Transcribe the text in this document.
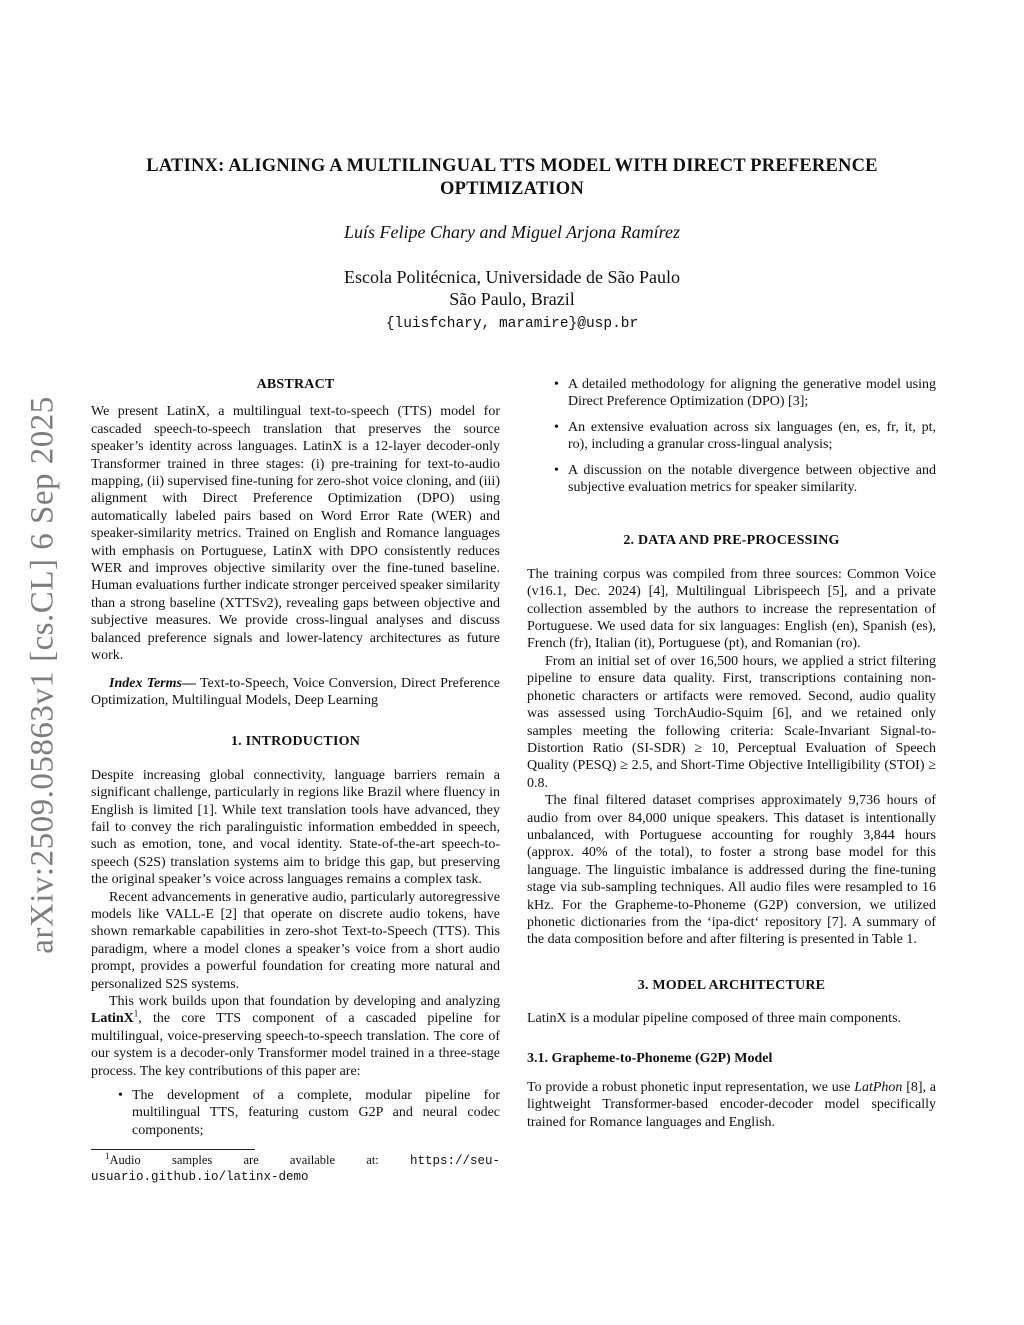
arXiv:2509.05863v1 [cs.CL] 6 Sep 2025
LATINX: ALIGNING A MULTILINGUAL TTS MODEL WITH DIRECT PREFERENCE
OPTIMIZATION
Luís Felipe Chary and Miguel Arjona Ramírez
Escola Politécnica, Universidade de São Paulo
São Paulo, Brazil
{luisfchary, maramire}@usp.br
ABSTRACT

We present LatinX, a multilingual text-to-speech (TTS) model for cascaded speech-to-speech translation that preserves the source speaker’s identity across languages. LatinX is a 12-layer decoder-only Transformer trained in three stages: (i) pre-training for text-to-audio mapping, (ii) supervised fine-tuning for zero-shot voice cloning, and (iii) alignment with Direct Preference Optimization (DPO) using automatically labeled pairs based on Word Error Rate (WER) and speaker-similarity metrics. Trained on English and Romance languages with emphasis on Portuguese, LatinX with DPO consistently reduces WER and improves objective similarity over the fine-tuned baseline. Human evaluations further indicate stronger perceived speaker similarity than a strong baseline (XTTSv2), revealing gaps between objective and subjective measures. We provide cross-lingual analyses and discuss balanced preference signals and lower-latency architectures as future work.

Index Terms— Text-to-Speech, Voice Conversion, Direct Preference Optimization, Multilingual Models, Deep Learning

1. INTRODUCTION

Despite increasing global connectivity, language barriers remain a significant challenge, particularly in regions like Brazil where fluency in English is limited [1]. While text translation tools have advanced, they fail to convey the rich paralinguistic information embedded in speech, such as emotion, tone, and vocal identity. State-of-the-art speech-to-speech (S2S) translation systems aim to bridge this gap, but preserving the original speaker’s voice across languages remains a complex task.

Recent advancements in generative audio, particularly autoregressive models like VALL-E [2] that operate on discrete audio tokens, have shown remarkable capabilities in zero-shot Text-to-Speech (TTS). This paradigm, where a model clones a speaker’s voice from a short audio prompt, provides a powerful foundation for creating more natural and personalized S2S systems.

This work builds upon that foundation by developing and analyzing LatinX$^1$, the core TTS component of a cascaded pipeline for multilingual, voice-preserving speech-to-speech translation. The core of our system is a decoder-only Transformer model trained in a three-stage process. The key contributions of this paper are:

• The development of a complete, modular pipeline for multilingual TTS, featuring custom G2P and neural codec components;

$^1$Audio samples are available at: https://seu-usuario.github.io/latinx-demo

• A detailed methodology for aligning the generative model using Direct Preference Optimization (DPO) [3];
• An extensive evaluation across six languages (en, es, fr, it, pt, ro), including a granular cross-lingual analysis;
• A discussion on the notable divergence between objective and subjective evaluation metrics for speaker similarity.
2. DATA AND PRE-PROCESSING

The training corpus was compiled from three sources: Common Voice (v16.1, Dec. 2024) [4], Multilingual Librispeech [5], and a private collection assembled by the authors to increase the representation of Portuguese. We used data for six languages: English (en), Spanish (es), French (fr), Italian (it), Portuguese (pt), and Romanian (ro).

From an initial set of over 16,500 hours, we applied a strict filtering pipeline to ensure data quality. First, transcriptions containing non-phonetic characters or artifacts were removed. Second, audio quality was assessed using TorchAudio-Squim [6], and we retained only samples meeting the following criteria: Scale-Invariant Signal-to-Distortion Ratio (SI-SDR) ≥ 10, Perceptual Evaluation of Speech Quality (PESQ) ≥ 2.5, and Short-Time Objective Intelligibility (STOI) ≥ 0.8.

The final filtered dataset comprises approximately 9,736 hours of audio from over 84,000 unique speakers. This dataset is intentionally unbalanced, with Portuguese accounting for roughly 3,844 hours (approx. 40% of the total), to foster a strong base model for this language. The linguistic imbalance is addressed during the fine-tuning stage via sub-sampling techniques. All audio files were resampled to 16 kHz. For the Grapheme-to-Phoneme (G2P) conversion, we utilized phonetic dictionaries from the ‘ipa-dict‘ repository [7]. A summary of the data composition before and after filtering is presented in Table 1.

3. MODEL ARCHITECTURE

LatinX is a modular pipeline composed of three main components.

3.1. Grapheme-to-Phoneme (G2P) Model

To provide a robust phonetic input representation, we use LatPhon [8], a lightweight Transformer-based encoder-decoder model specifically trained for Romance languages and English.
